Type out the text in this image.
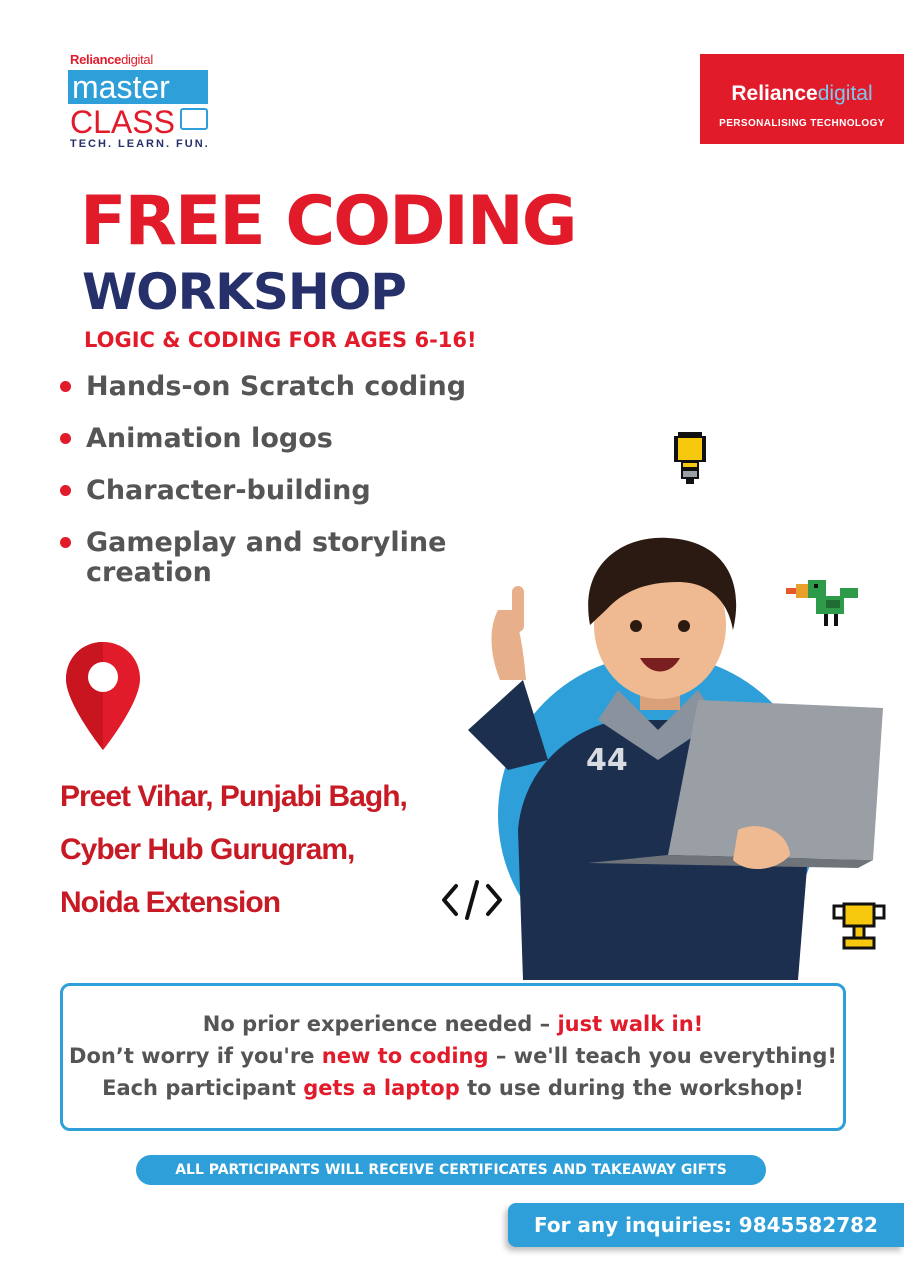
Reliancedigital
master
CLASS
TECH. LEARN. FUN.
Reliancedigital
PERSONALISING TECHNOLOGY
FREE CODING
WORKSHOP
LOGIC & CODING FOR AGES 6-16!
Hands-on Scratch coding
Animation logos
Character-building
Gameplay and storyline creation
Preet Vihar, Punjabi Bagh,
Cyber Hub Gurugram,
Noida Extension
44
No prior experience needed – just walk in!
Don’t worry if you're new to coding – we'll teach you everything!
Each participant gets a laptop to use during the workshop!
ALL PARTICIPANTS WILL RECEIVE CERTIFICATES AND TAKEAWAY GIFTS
For any inquiries: 9845582782
